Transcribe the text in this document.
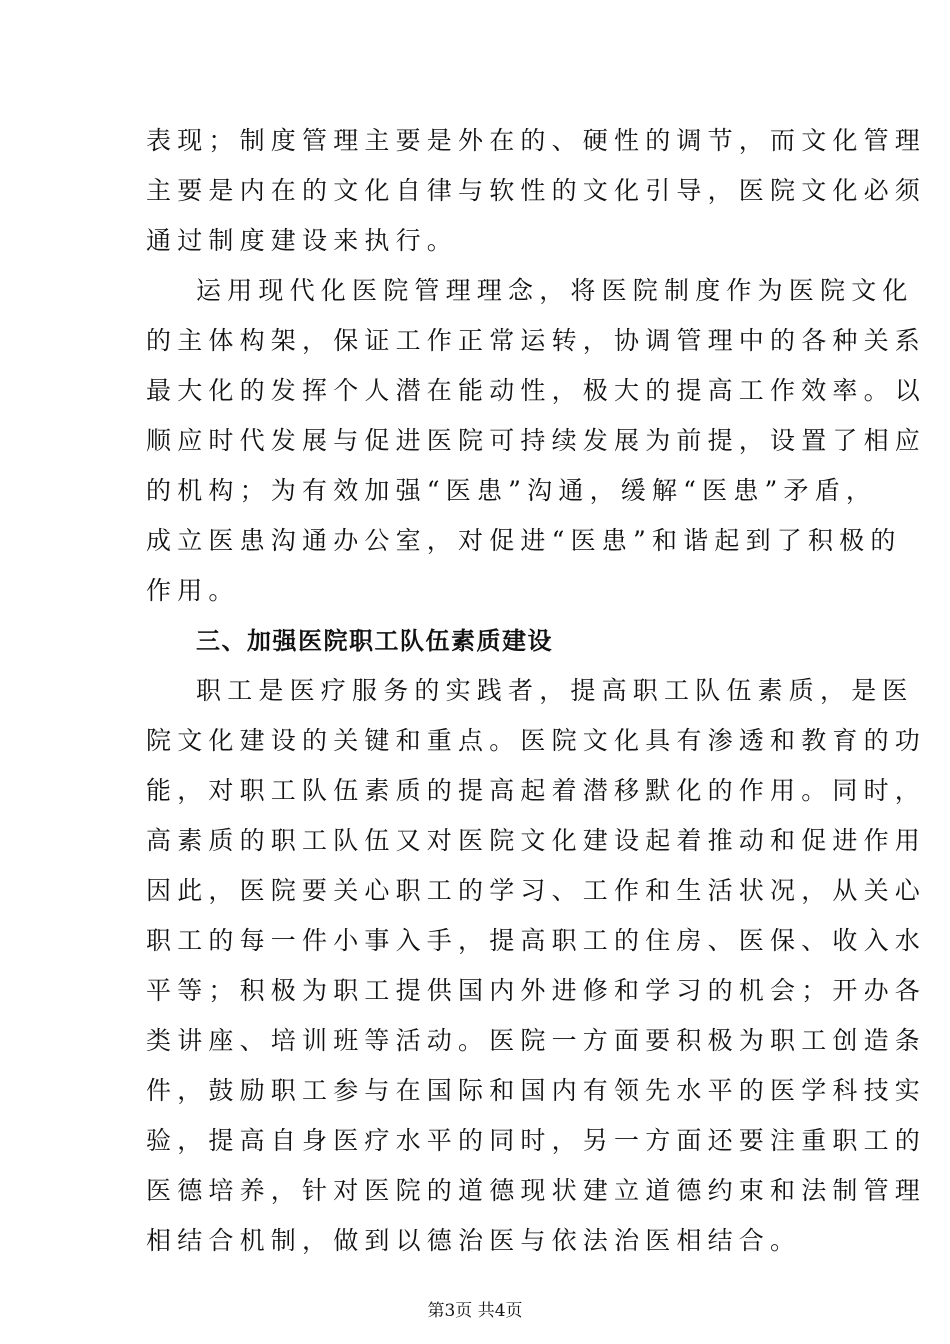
表现；制度管理主要是外在的、硬性的调节，而文化管理
主要是内在的文化自律与软性的文化引导，医院文化必须
通过制度建设来执行。
运用现代化医院管理理念，将医院制度作为医院文化
的主体构架，保证工作正常运转，协调管理中的各种关系
最大化的发挥个人潜在能动性，极大的提高工作效率。以
顺应时代发展与促进医院可持续发展为前提，设置了相应
的机构；为有效加强“医患”沟通，缓解“医患”矛盾，
成立医患沟通办公室，对促进“医患”和谐起到了积极的
作用。
三、加强医院职工队伍素质建设
职工是医疗服务的实践者，提高职工队伍素质，是医
院文化建设的关键和重点。医院文化具有渗透和教育的功
能，对职工队伍素质的提高起着潜移默化的作用。同时，
高素质的职工队伍又对医院文化建设起着推动和促进作用
因此，医院要关心职工的学习、工作和生活状况，从关心
职工的每一件小事入手，提高职工的住房、医保、收入水
平等；积极为职工提供国内外进修和学习的机会；开办各
类讲座、培训班等活动。医院一方面要积极为职工创造条
件，鼓励职工参与在国际和国内有领先水平的医学科技实
验，提高自身医疗水平的同时，另一方面还要注重职工的
医德培养，针对医院的道德现状建立道德约束和法制管理
相结合机制，做到以德治医与依法治医相结合。
第3页 共4页
